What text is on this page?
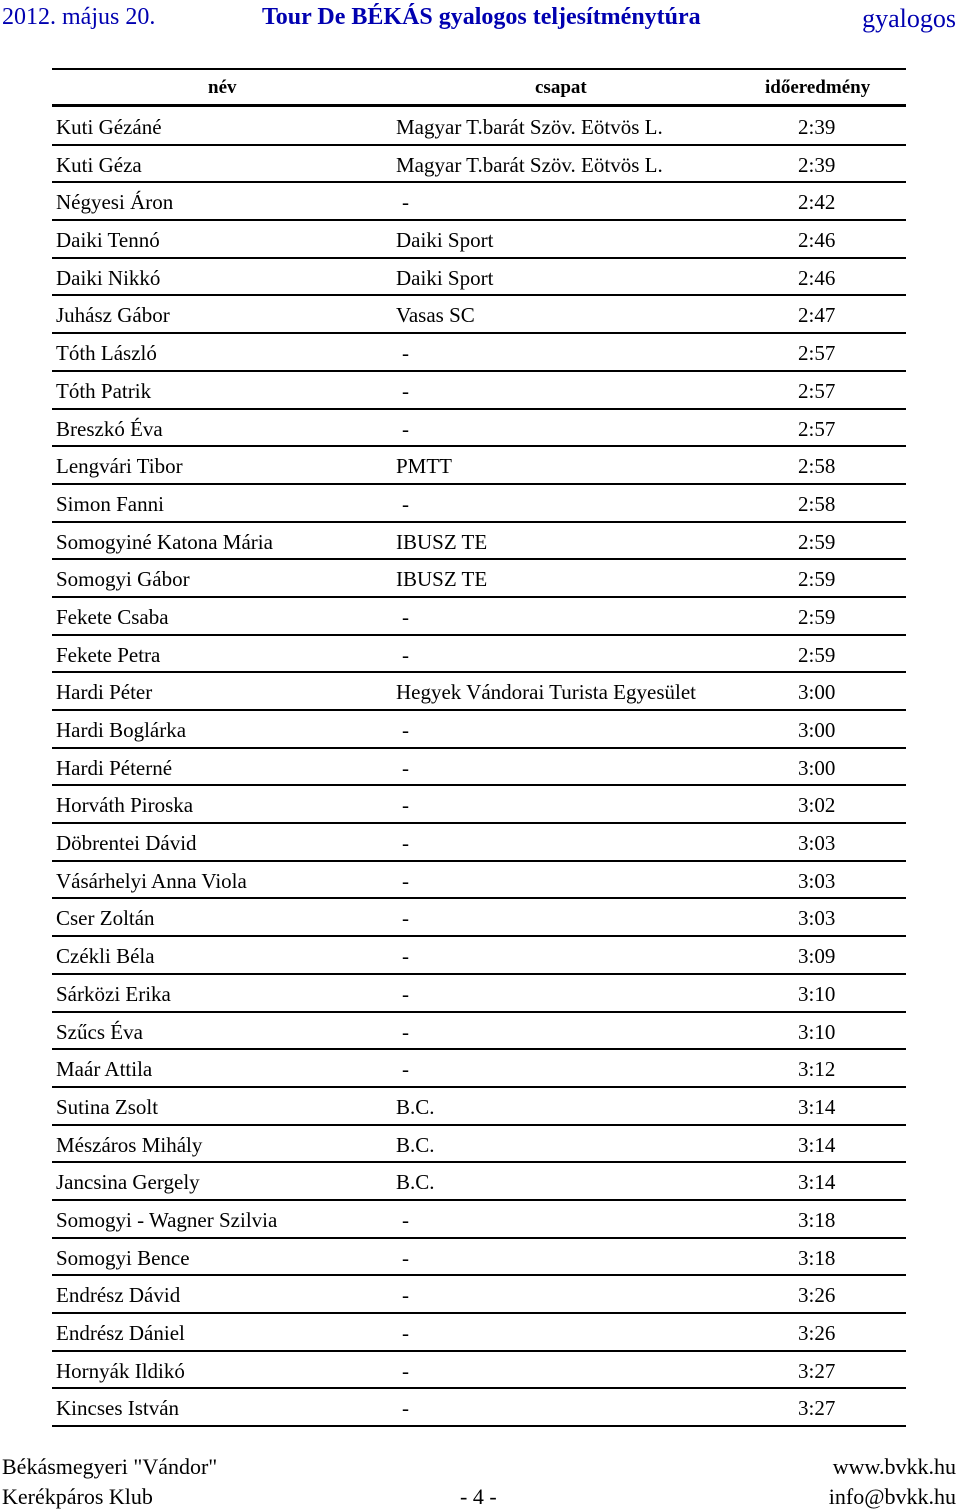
2012. május 20.	Tour De BÉKÁS gyalogos teljesítménytúra	gyalogos
név	csapat	időeredmény
Kuti Gézáné	Magyar T.barát Szöv. Eötvös L.	2:39
Kuti Géza	Magyar T.barát Szöv. Eötvös L.	2:39
Négyesi Áron	-	2:42
Daiki Tennó	Daiki Sport	2:46
Daiki Nikkó	Daiki Sport	2:46
Juhász Gábor	Vasas SC	2:47
Tóth László	-	2:57
Tóth Patrik	-	2:57
Breszkó Éva	-	2:57
Lengvári Tibor	PMTT	2:58
Simon Fanni	-	2:58
Somogyiné Katona Mária	IBUSZ TE	2:59
Somogyi Gábor	IBUSZ TE	2:59
Fekete Csaba	-	2:59
Fekete Petra	-	2:59
Hardi Péter	Hegyek Vándorai Turista Egyesület	3:00
Hardi Boglárka	-	3:00
Hardi Péterné	-	3:00
Horváth Piroska	-	3:02
Döbrentei Dávid	-	3:03
Vásárhelyi Anna Viola	-	3:03
Cser Zoltán	-	3:03
Czékli Béla	-	3:09
Sárközi Erika	-	3:10
Szűcs Éva	-	3:10
Maár Attila	-	3:12
Sutina Zsolt	B.C.	3:14
Mészáros Mihály	B.C.	3:14
Jancsina Gergely	B.C.	3:14
Somogyi - Wagner Szilvia	-	3:18
Somogyi Bence	-	3:18
Endrész Dávid	-	3:26
Endrész Dániel	-	3:26
Hornyák Ildikó	-	3:27
Kincses István	-	3:27
Békásmegyeri "Vándor"
Kerékpáros Klub	- 4 -
www.bvkk.hu
info@bvkk.hu
